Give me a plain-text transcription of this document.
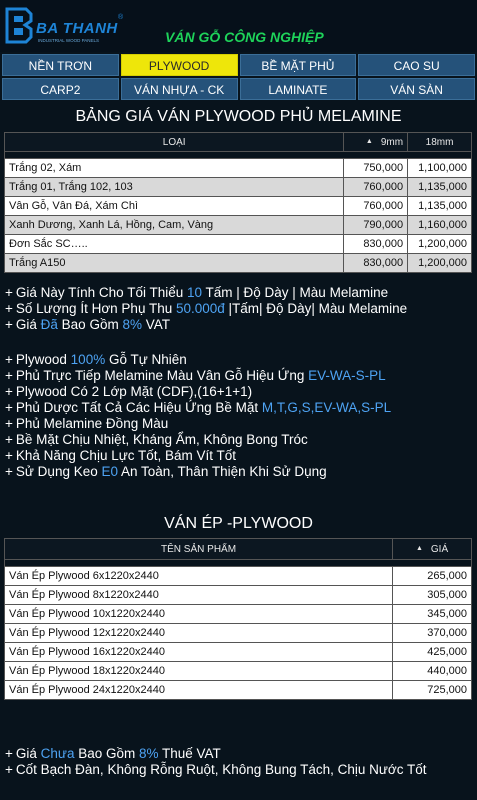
BA THANH
®
INDUSTRIAL WOOD PANELS	VÁN GỖ CÔNG NGHIỆP
NỀN TRƠN	PLYWOOD	BỀ MẶT PHỦ	CAO SU
CARP2	VÁN NHỰA - CK	LAMINATE	VÁN SÀN
BẢNG GIÁ VÁN PLYWOOD PHỦ MELAMINE
LOẠI	▲ 9mm	18mm

Trắng 02, Xám	750,000	1,100,000
Trắng 01, Trắng 102, 103	760,000	1,135,000
Vân Gỗ, Vân Đá, Xám Chì	760,000	1,135,000
Xanh Dương, Xanh Lá, Hồng, Cam, Vàng	790,000	1,160,000
Đơn Sắc SC…..	830,000	1,200,000
Trắng A150	830,000	1,200,000
+ Giá Này Tính Cho Tối Thiểu 10 Tấm | Độ Dày | Màu Melamine
+ Số Lượng Ít Hơn Phụ Thu 50.000đ |Tấm| Độ Dày| Màu Melamine
+ Giá Đã Bao Gồm 8% VAT
+ Plywood 100% Gỗ Tự Nhiên
+ Phủ Trực Tiếp Melamine Màu Vân Gỗ Hiệu Ứng EV-WA-S-PL
+ Plywood Có 2 Lớp Mặt (CDF),(16+1+1)
+ Phủ Dược Tất Cả Các Hiệu Ứng Bề Mặt M,T,G,S,EV-WA,S-PL
+ Phủ Melamine Đồng Màu
+ Bề Mặt Chịu Nhiệt, Kháng Ẩm, Không Bong Tróc
+ Khả Năng Chịu Lực Tốt, Bám Vít Tốt
+ Sử Dụng Keo E0 An Toàn, Thân Thiện Khi Sử Dụng
VÁN ÉP -PLYWOOD
TÊN SẢN PHẨM	▲ GIÁ

Ván Ép Plywood 6x1220x2440	265,000
Ván Ép Plywood 8x1220x2440	305,000
Ván Ép Plywood 10x1220x2440	345,000
Ván Ép Plywood 12x1220x2440	370,000
Ván Ép Plywood 16x1220x2440	425,000
Ván Ép Plywood 18x1220x2440	440,000
Ván Ép Plywood 24x1220x2440	725,000
+ Giá Chưa Bao Gồm 8% Thuế VAT
+ Cốt Bạch Đàn, Không Rỗng Ruột, Không Bung Tách, Chịu Nước Tốt
